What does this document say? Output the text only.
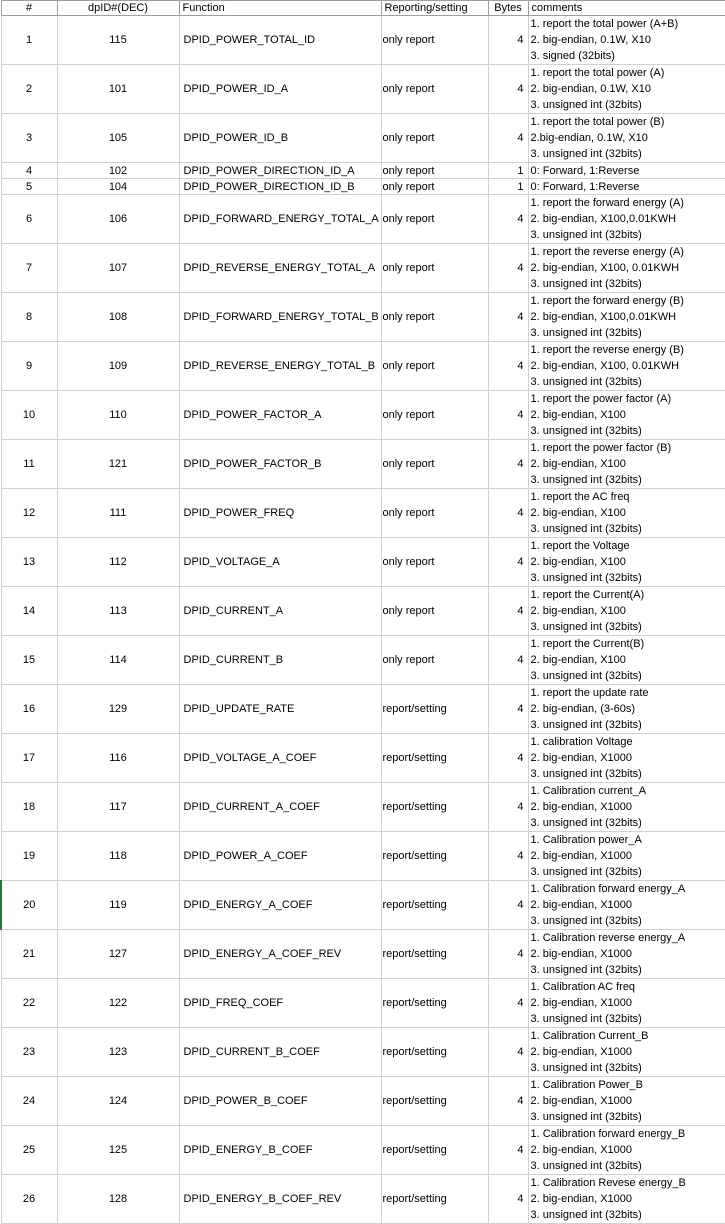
#	dpID#(DEC)	Function	Reporting/setting	Bytes	comments
1	115	DPID_POWER_TOTAL_ID	only report	4	1. report the total power (A+B)
2. big-endian, 0.1W, X10
3. signed (32bits)

2	101	DPID_POWER_ID_A	only report	4	1. report the total power (A)
2. big-endian, 0.1W, X10
3. unsigned int (32bits)

3	105	DPID_POWER_ID_B	only report	4	1. report the total power (B)
2.big-endian, 0.1W, X10
3. unsigned int (32bits)

4	102	DPID_POWER_DIRECTION_ID_A	only report	1	0: Forward, 1:Reverse

5	104	DPID_POWER_DIRECTION_ID_B	only report	1	0: Forward, 1:Reverse

6	106	DPID_FORWARD_ENERGY_TOTAL_A	only report	4	1. report the forward energy (A)
2. big-endian, X100,0.01KWH
3. unsigned int (32bits)

7	107	DPID_REVERSE_ENERGY_TOTAL_A	only report	4	1. report the reverse energy (A)
2. big-endian, X100, 0.01KWH
3. unsigned int (32bits)

8	108	DPID_FORWARD_ENERGY_TOTAL_B	only report	4	1. report the forward energy (B)
2. big-endian, X100,0.01KWH
3. unsigned int (32bits)

9	109	DPID_REVERSE_ENERGY_TOTAL_B	only report	4	1. report the reverse energy (B)
2. big-endian, X100, 0.01KWH
3. unsigned int (32bits)

10	110	DPID_POWER_FACTOR_A	only report	4	1. report the power factor (A)
2. big-endian, X100
3. unsigned int (32bits)

11	121	DPID_POWER_FACTOR_B	only report	4	1. report the power factor (B)
2. big-endian, X100
3. unsigned int (32bits)

12	111	DPID_POWER_FREQ	only report	4	1. report the AC freq
2. big-endian, X100
3. unsigned int (32bits)

13	112	DPID_VOLTAGE_A	only report	4	1. report the Voltage
2. big-endian, X100
3. unsigned int (32bits)

14	113	DPID_CURRENT_A	only report	4	1. report the Current(A)
2. big-endian, X100
3. unsigned int (32bits)

15	114	DPID_CURRENT_B	only report	4	1. report the Current(B)
2. big-endian, X100
3. unsigned int (32bits)

16	129	DPID_UPDATE_RATE	report/setting	4	1. report the update rate
2. big-endian, (3-60s)
3. unsigned int (32bits)

17	116	DPID_VOLTAGE_A_COEF	report/setting	4	1. calibration Voltage
2. big-endian, X1000
3. unsigned int (32bits)

18	117	DPID_CURRENT_A_COEF	report/setting	4	1. Calibration current_A
2. big-endian, X1000
3. unsigned int (32bits)

19	118	DPID_POWER_A_COEF	report/setting	4	1. Calibration power_A
2. big-endian, X1000
3. unsigned int (32bits)

20	119	DPID_ENERGY_A_COEF	report/setting	4	1. Calibration forward energy_A
2. big-endian, X1000
3. unsigned int (32bits)

21	127	DPID_ENERGY_A_COEF_REV	report/setting	4	1. Calibration reverse energy_A
2. big-endian, X1000
3. unsigned int (32bits)

22	122	DPID_FREQ_COEF	report/setting	4	1. Calibration AC freq
2. big-endian, X1000
3. unsigned int (32bits)

23	123	DPID_CURRENT_B_COEF	report/setting	4	1. Calibration Current_B
2. big-endian, X1000
3. unsigned int (32bits)

24	124	DPID_POWER_B_COEF	report/setting	4	1. Calibration Power_B
2. big-endian, X1000
3. unsigned int (32bits)

25	125	DPID_ENERGY_B_COEF	report/setting	4	1. Calibration forward energy_B
2. big-endian, X1000
3. unsigned int (32bits)

26	128	DPID_ENERGY_B_COEF_REV	report/setting	4	1. Calibration Revese energy_B
2. big-endian, X1000
3. unsigned int (32bits)
